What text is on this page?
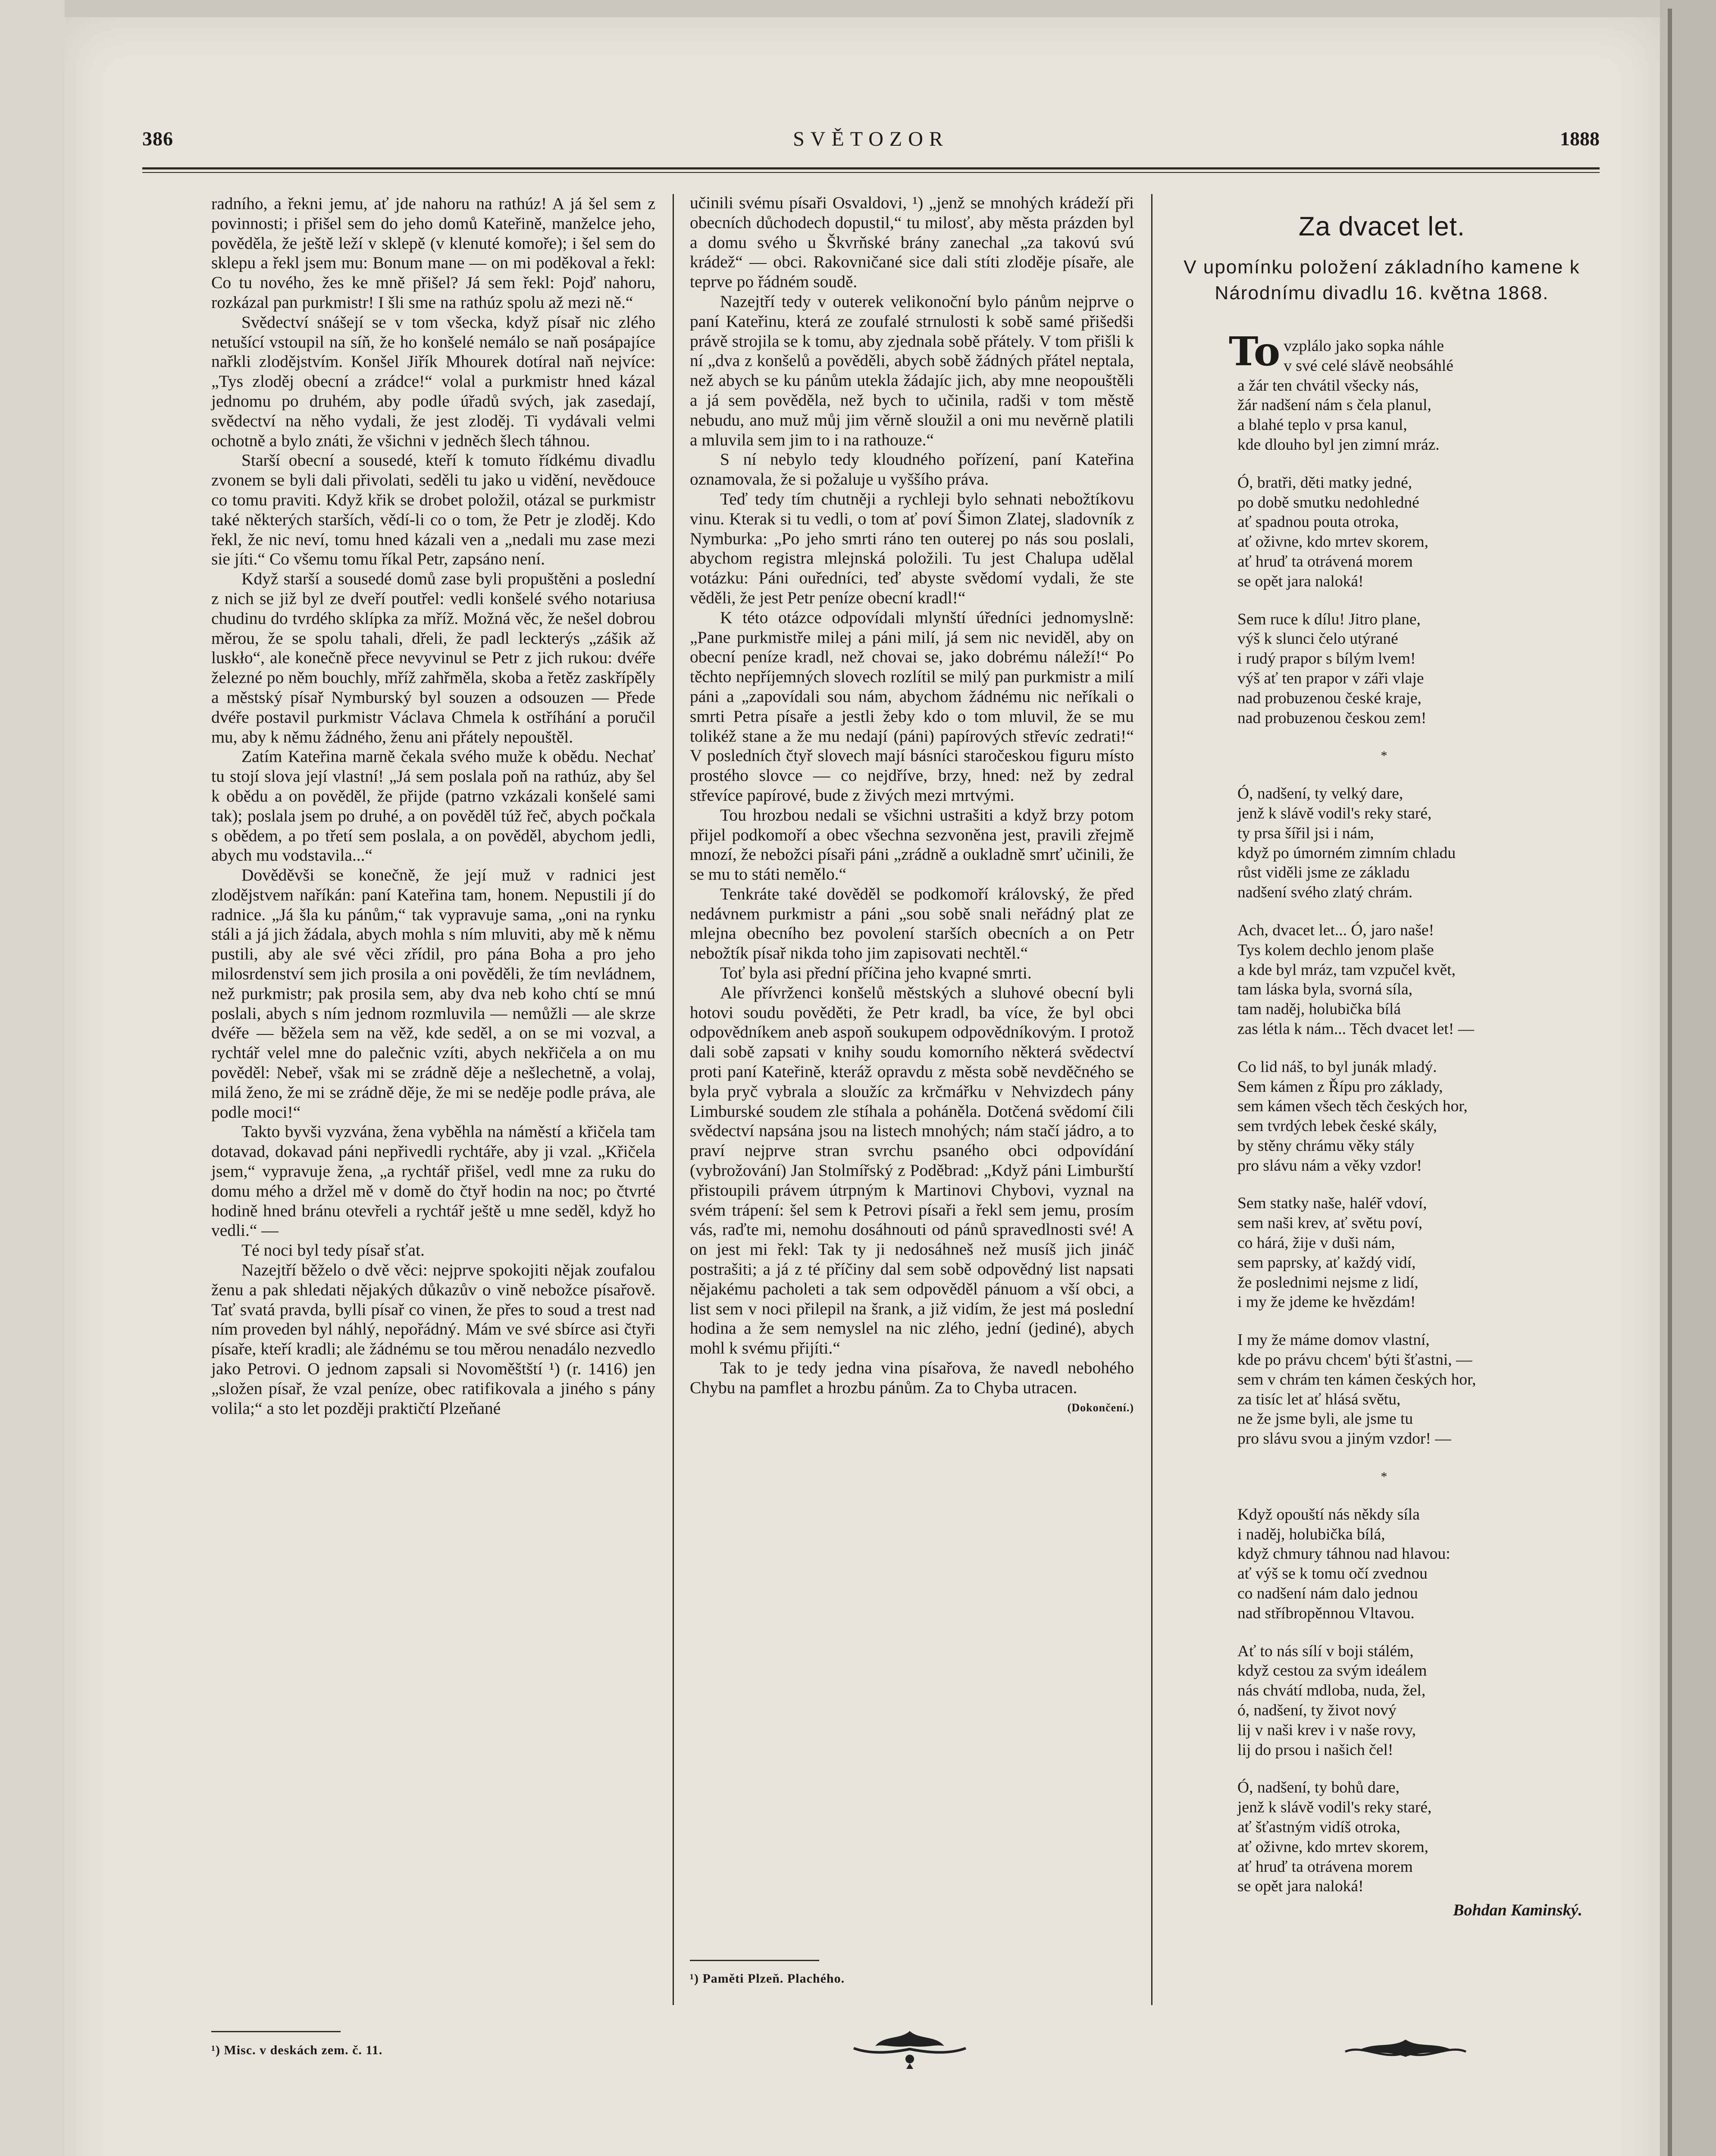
386	SVĚTOZOR	1888

radního, a řekni jemu, ať jde nahoru na rathúz! A já šel sem z povinnosti; i přišel sem do jeho domů Kateřině, manželce jeho, pověděla, že ještě leží v sklepě (v klenuté komoře); i šel sem do sklepu a řekl jsem mu: Bonum mane — on mi poděkoval a řekl: Co tu nového, žes ke mně přišel? Já sem řekl: Pojď nahoru, rozkázal pan purkmistr! I šli sme na rathúz spolu až mezi ně.“

Svědectví snášejí se v tom všecka, když písař nic zlého netušící vstoupil na síň, že ho konšelé nemálo se naň posápajíce nařkli zlodějstvím. Konšel Jiřík Mhourek dotíral naň nejvíce: „Tys zloděj obecní a zrádce!“ volal a purkmistr hned kázal jednomu po druhém, aby podle úřadů svých, jak zasedají, svědectví na něho vydali, že jest zloděj. Ti vydávali velmi ochotně a bylo znáti, že všichni v jedněch šlech táhnou.

Starší obecní a sousedé, kteří k tomuto řídkému divadlu zvonem se byli dali přivolati, seděli tu jako u vidění, nevědouce co tomu praviti. Když křik se drobet položil, otázal se purkmistr také některých starších, vědí-li co o tom, že Petr je zloděj. Kdo řekl, že nic neví, tomu hned kázali ven a „nedali mu zase mezi sie jíti.“ Co všemu tomu říkal Petr, zapsáno není.

Když starší a sousedé domů zase byli propuštěni a poslední z nich se již byl ze dveří poutřel: vedli konšelé svého notariusa chudinu do tvrdého sklípka za mříž. Možná věc, že nešel dobrou měrou, že se spolu tahali, dřeli, že padl leckterýs „zášik až luskło“, ale konečně přece nevyvinul se Petr z jich rukou: dvéře železné po něm bouchly, mříž zahřměla, skoba a řetěz zaskřípěly a městský písař Nymburský byl souzen a odsouzen — Přede dvéře postavil purkmistr Václava Chmela k ostříhání a poručil mu, aby k němu žádného, ženu ani přátely nepouštěl.

Zatím Kateřina marně čekala svého muže k obědu. Nechať tu stojí slova její vlastní! „Já sem poslala poň na rathúz, aby šel k obědu a on pověděl, že přijde (patrno vzkázali konšelé sami tak); poslala jsem po druhé, a on pověděl túž řeč, abych počkala s obědem, a po třetí sem poslala, a on pověděl, abychom jedli, abych mu vodstavila...“

Dověděvši se konečně, že její muž v radnici jest zlodějstvem naříkán: paní Kateřina tam, honem. Nepustili jí do radnice. „Já šla ku pánům,“ tak vypravuje sama, „oni na rynku stáli a já jich žádala, abych mohla s ním mluviti, aby mě k němu pustili, aby ale své věci zřídil, pro pána Boha a pro jeho milosrdenství sem jich prosila a oni pověděli, že tím nevládnem, než purkmistr; pak prosila sem, aby dva neb koho chtí se mnú poslali, abych s ním jednom rozmluvila — nemůžli — ale skrze dvéře — běžela sem na věž, kde seděl, a on se mi vozval, a rychtář velel mne do palečnic vzíti, abych nekřičela a on mu pověděl: Nebeř, však mi se zrádně děje a nešlechetně, a volaj, milá ženo, že mi se zrádně děje, že mi se neděje podle práva, ale podle moci!“

Takto byvši vyzvána, žena vyběhla na náměstí a křičela tam dotavad, dokavad páni nepřivedli rychtáře, aby ji vzal. „Křičela jsem,“ vypravuje žena, „a rychtář přišel, vedl mne za ruku do domu mého a držel mě v domě do čtyř hodin na noc; po čtvrté hodině hned bránu otevřeli a rychtář ještě u mne seděl, když ho vedli.“ —

Té noci byl tedy písař sťat.

Nazejtří běželo o dvě věci: nejprve spokojiti nějak zoufalou ženu a pak shledati nějakých důkazův o vině nebožce písařově. Tať svatá pravda, bylli písař co vinen, že přes to soud a trest nad ním proveden byl náhlý, nepořádný. Mám ve své sbírce asi čtyři písaře, kteří kradli; ale žádnému se tou měrou nenadálo nezvedlo jako Petrovi. O jednom zapsali si Novoměštští ¹) (r. 1416) jen „složen písař, že vzal peníze, obec ratifikovala a jiného s pány volila;“ a sto let později praktičtí Plzeňané

¹) Misc. v deskách zem. č. 11.

učinili svému písaři Osvaldovi, ¹) „jenž se mnohých krádeží při obecních důchodech dopustil,“ tu milosť, aby města prázden byl a domu svého u Škvrňské brány zanechal „za takovú svú krádež“ — obci. Rakovničané sice dali stíti zloděje písaře, ale teprve po řádném soudě.

Nazejtří tedy v outerek velikonoční bylo pánům nejprve o paní Kateřinu, která ze zoufalé strnulosti k sobě samé přišedši právě strojila se k tomu, aby zjednala sobě přátely. V tom přišli k ní „dva z konšelů a pověděli, abych sobě žádných přátel neptala, než abych se ku pánům utekla žádajíc jich, aby mne neopouštěli a já sem pověděla, než bych to učinila, radši v tom městě nebudu, ano muž můj jim věrně sloužil a oni mu nevěrně platili a mluvila sem jim to i na rathouze.“

S ní nebylo tedy kloudného pořízení, paní Kateřina oznamovala, že si požaluje u vyššího práva.

Teď tedy tím chutněji a rychleji bylo sehnati nebožtíkovu vinu. Kterak si tu vedli, o tom ať poví Šimon Zlatej, sladovník z Nymburka: „Po jeho smrti ráno ten outerej po nás sou poslali, abychom registra mlejnská položili. Tu jest Chalupa udělal votázku: Páni ouředníci, teď abyste svědomí vydali, že ste věděli, že jest Petr peníze obecní kradl!“

K této otázce odpovídali mlynští úředníci jednomyslně: „Pane purkmistře milej a páni milí, já sem nic neviděl, aby on obecní peníze kradl, než chovai se, jako dobrému náleží!“ Po těchto nepříjemných slovech rozlítil se milý pan purkmistr a milí páni a „zapovídali sou nám, abychom žádnému nic neříkali o smrti Petra písaře a jestli žeby kdo o tom mluvil, že se mu tolikéž stane a že mu nedají (páni) papírových střevíc zedrati!“ V posledních čtyř slovech mají básníci staročeskou figuru místo prostého slovce — co nejdříve, brzy, hned: než by zedral střevíce papírové, bude z živých mezi mrtvými.

Tou hrozbou nedali se všichni ustrašiti a když brzy potom přijel podkomoří a obec všechna sezvoněna jest, pravili zřejmě mnozí, že nebožci písaři páni „zrádně a oukladně smrť učinili, že se mu to státi nemělo.“

Tenkráte také dověděl se podkomoří královský, že před nedávnem purkmistr a páni „sou sobě snali neřádný plat ze mlejna obecního bez povolení starších obecních a on Petr nebožtík písař nikda toho jim zapisovati nechtěl.“

Toť byla asi přední příčina jeho kvapné smrti.

Ale přívrženci konšelů městských a sluhové obecní byli hotovi soudu pověděti, že Petr kradl, ba více, že byl obci odpovědníkem aneb aspoň soukupem odpovědníkovým. I protož dali sobě zapsati v knihy soudu komorního některá svědectví proti paní Kateřině, kteráž opravdu z města sobě nevděčného se byla pryč vybrala a sloužíc za krčmářku v Nehvizdech pány Limburské soudem zle stíhala a poháněla. Dotčená svědomí čili svědectví napsána jsou na listech mnohých; nám stačí jádro, a to praví nejprve stran svrchu psaného obci odpovídání (vybrožování) Jan Stolmířský z Poděbrad: „Když páni Limburští přistoupili právem útrpným k Martinovi Chybovi, vyznal na svém trápení: šel sem k Petrovi písaři a řekl sem jemu, prosím vás, raďte mi, nemohu dosáhnouti od pánů spravedlnosti své! A on jest mi řekl: Tak ty ji nedosáhneš než musíš jich jináč postrašiti; a já z té příčiny dal sem sobě odpovědný list napsati nějakému pacholeti a tak sem odpověděl pánuom a vší obci, a list sem v noci přilepil na šrank, a již vidím, že jest má poslední hodina a že sem nemyslel na nic zlého, jední (jediné), abych mohl k svému přijíti.“

Tak to je tedy jedna vina písařova, že navedl nebohého Chybu na pamflet a hrozbu pánům. Za to Chyba utracen.
(Dokončení.)

¹) Paměti Plzeň. Plachého.
Za dvacet let.
V upomínku položení základního kamene k Národnímu divadlu 16. května 1868.
To vzplálo jako sopka náhle
v své celé slávě neobsáhlé
a žár ten chvátil všecky nás,
žár nadšení nám s čela planul,
a blahé teplo v prsa kanul,
kde dlouho byl jen zimní mráz.
Ó, bratři, děti matky jedné,
po době smutku nedohledné
ať spadnou pouta otroka,
ať oživne, kdo mrtev skorem,
ať hruď ta otrávená morem
se opět jara naloká!
Sem ruce k dílu! Jitro plane,
výš k slunci čelo utýrané
i rudý prapor s bílým lvem!
výš ať ten prapor v záři vlaje
nad probuzenou české kraje,
nad probuzenou českou zem!
*
Ó, nadšení, ty velký dare,
jenž k slávě vodil's reky staré,
ty prsa šířil jsi i nám,
když po úmorném zimním chladu
růst viděli jsme ze základu
nadšení svého zlatý chrám.
Ach, dvacet let... Ó, jaro naše!
Tys kolem dechlo jenom plaše
a kde byl mráz, tam vzpučel květ,
tam láska byla, svorná síla,
tam naděj, holubička bílá
zas létla k nám... Těch dvacet let! —
Co lid náš, to byl junák mladý.
Sem kámen z Řípu pro základy,
sem kámen všech těch českých hor,
sem tvrdých lebek české skály,
by stěny chrámu věky stály
pro slávu nám a věky vzdor!
Sem statky naše, haléř vdoví,
sem naši krev, ať světu poví,
co hárá, žije v duši nám,
sem paprsky, ať každý vidí,
že poslednimi nejsme z lidí,
i my že jdeme ke hvězdám!
I my že máme domov vlastní,
kde po právu chcem' býti šťastni, —
sem v chrám ten kámen českých hor,
za tisíc let ať hlásá světu,
ne že jsme byli, ale jsme tu
pro slávu svou a jiným vzdor! —
*
Když opouští nás někdy síla
i naděj, holubička bílá,
když chmury táhnou nad hlavou:
ať výš se k tomu očí zvednou
co nadšení nám dalo jednou
nad stříbropěnnou Vltavou.
Ať to nás sílí v boji stálém,
když cestou za svým ideálem
nás chvátí mdloba, nuda, žel,
ó, nadšení, ty život nový
lij v naši krev i v naše rovy,
lij do prsou i našich čel!
Ó, nadšení, ty bohů dare,
jenž k slávě vodil's reky staré,
ať šťastným vidíš otroka,
ať oživne, kdo mrtev skorem,
ať hruď ta otrávena morem
se opět jara naloká!
Bohdan Kaminský.
